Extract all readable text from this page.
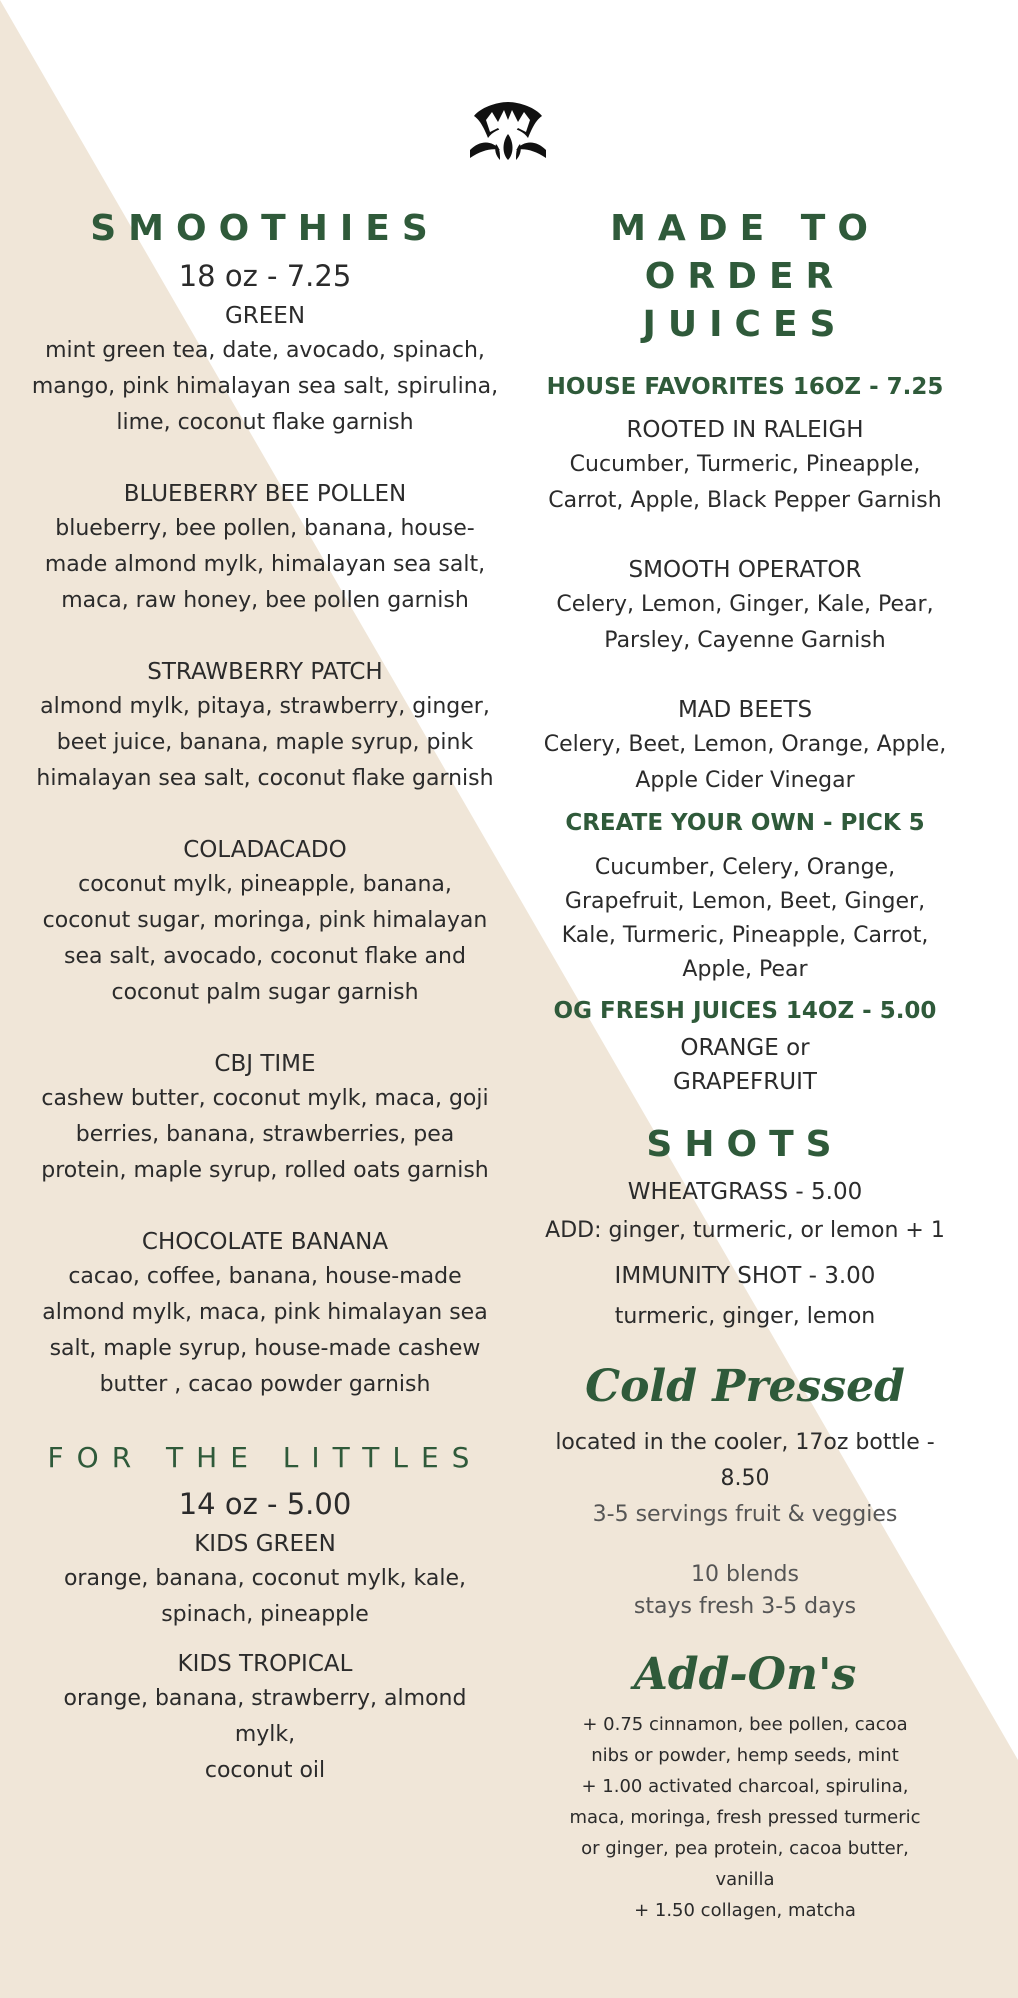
SMOOTHIES

18 oz - 7.25

GREEN

mint green tea, date, avocado, spinach,

mango, pink himalayan sea salt, spirulina,

lime, coconut flake garnish

BLUEBERRY BEE POLLEN

blueberry, bee pollen, banana, house-

made almond mylk, himalayan sea salt,

maca, raw honey, bee pollen garnish

STRAWBERRY PATCH

almond mylk, pitaya, strawberry, ginger,

beet juice, banana, maple syrup, pink

himalayan sea salt, coconut flake garnish

COLADACADO

coconut mylk, pineapple, banana,

coconut sugar, moringa, pink himalayan

sea salt, avocado, coconut flake and

coconut palm sugar garnish

CBJ TIME

cashew butter, coconut mylk, maca, goji

berries, banana, strawberries, pea

protein, maple syrup, rolled oats garnish

CHOCOLATE BANANA

cacao, coffee, banana, house-made

almond mylk, maca, pink himalayan sea

salt, maple syrup, house-made cashew

butter , cacao powder garnish

FOR THE LITTLES

14 oz - 5.00

KIDS GREEN

orange, banana, coconut mylk, kale,

spinach, pineapple

KIDS TROPICAL

orange, banana, strawberry, almond mylk,

coconut oil

MADE TO ORDER

JUICES

HOUSE FAVORITES 16OZ - 7.25

ROOTED IN RALEIGH

Cucumber, Turmeric, Pineapple,

Carrot, Apple, Black Pepper Garnish

SMOOTH OPERATOR

Celery, Lemon, Ginger, Kale, Pear,

Parsley, Cayenne Garnish

MAD BEETS

Celery, Beet, Lemon, Orange, Apple,

Apple Cider Vinegar

CREATE YOUR OWN - PICK 5

Cucumber, Celery, Orange,

Grapefruit, Lemon, Beet, Ginger,

Kale, Turmeric, Pineapple, Carrot,

Apple, Pear

OG FRESH JUICES 14OZ - 5.00

ORANGE or

GRAPEFRUIT

SHOTS

WHEATGRASS - 5.00

ADD: ginger, turmeric, or lemon + 1

IMMUNITY SHOT - 3.00

turmeric, ginger, lemon

Cold Pressed

located in the cooler, 17oz bottle - 8.50

3-5 servings fruit & veggies

10 blends

stays fresh 3-5 days

Add-On's

+ 0.75 cinnamon, bee pollen, cacoa

nibs or powder, hemp seeds, mint

+ 1.00 activated charcoal, spirulina,

maca, moringa, fresh pressed turmeric

or ginger, pea protein, cacoa butter,

vanilla

+ 1.50 collagen, matcha
